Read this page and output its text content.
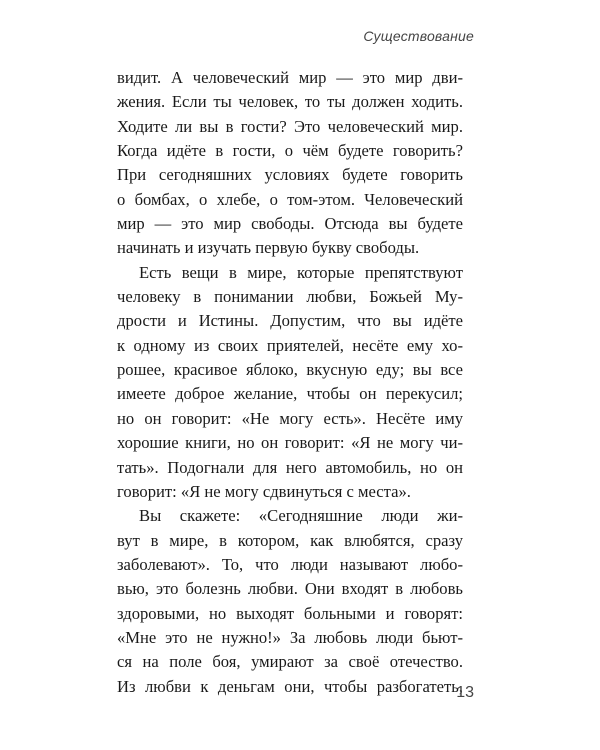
Существование
видит. А человеческий мир — это мир дви-
жения. Если ты человек, то ты должен ходить.
Ходите ли вы в гости? Это человеческий мир.
Когда идёте в гости, о чём будете говорить?
При сегодняшних условиях будете говорить
о бомбах, о хлебе, о том-этом. Человеческий
мир — это мир свободы. Отсюда вы будете
начинать и изучать первую букву свободы.
Есть вещи в мире, которые препятствуют
человеку в понимании любви, Божьей Му-
дрости и Истины. Допустим, что вы идёте
к одному из своих приятелей, несёте ему хо-
рошее, красивое яблоко, вкусную еду; вы все
имеете доброе желание, чтобы он перекусил;
но он говорит: «Не могу есть». Несёте иму
хорошие книги, но он говорит: «Я не могу чи-
тать». Подогнали для него автомобиль, но он
говорит: «Я не могу сдвинуться с места».
Вы скажете: «Сегодняшние люди жи-
вут в мире, в котором, как влюбятся, сразу
заболевают». То, что люди называют любо-
вью, это болезнь любви. Они входят в любовь
здоровыми, но выходят больными и говорят:
«Мне это не нужно!» За любовь люди бьют-
ся на поле боя, умирают за своё отечество.
Из любви к деньгам они, чтобы разбогатеть,
13
